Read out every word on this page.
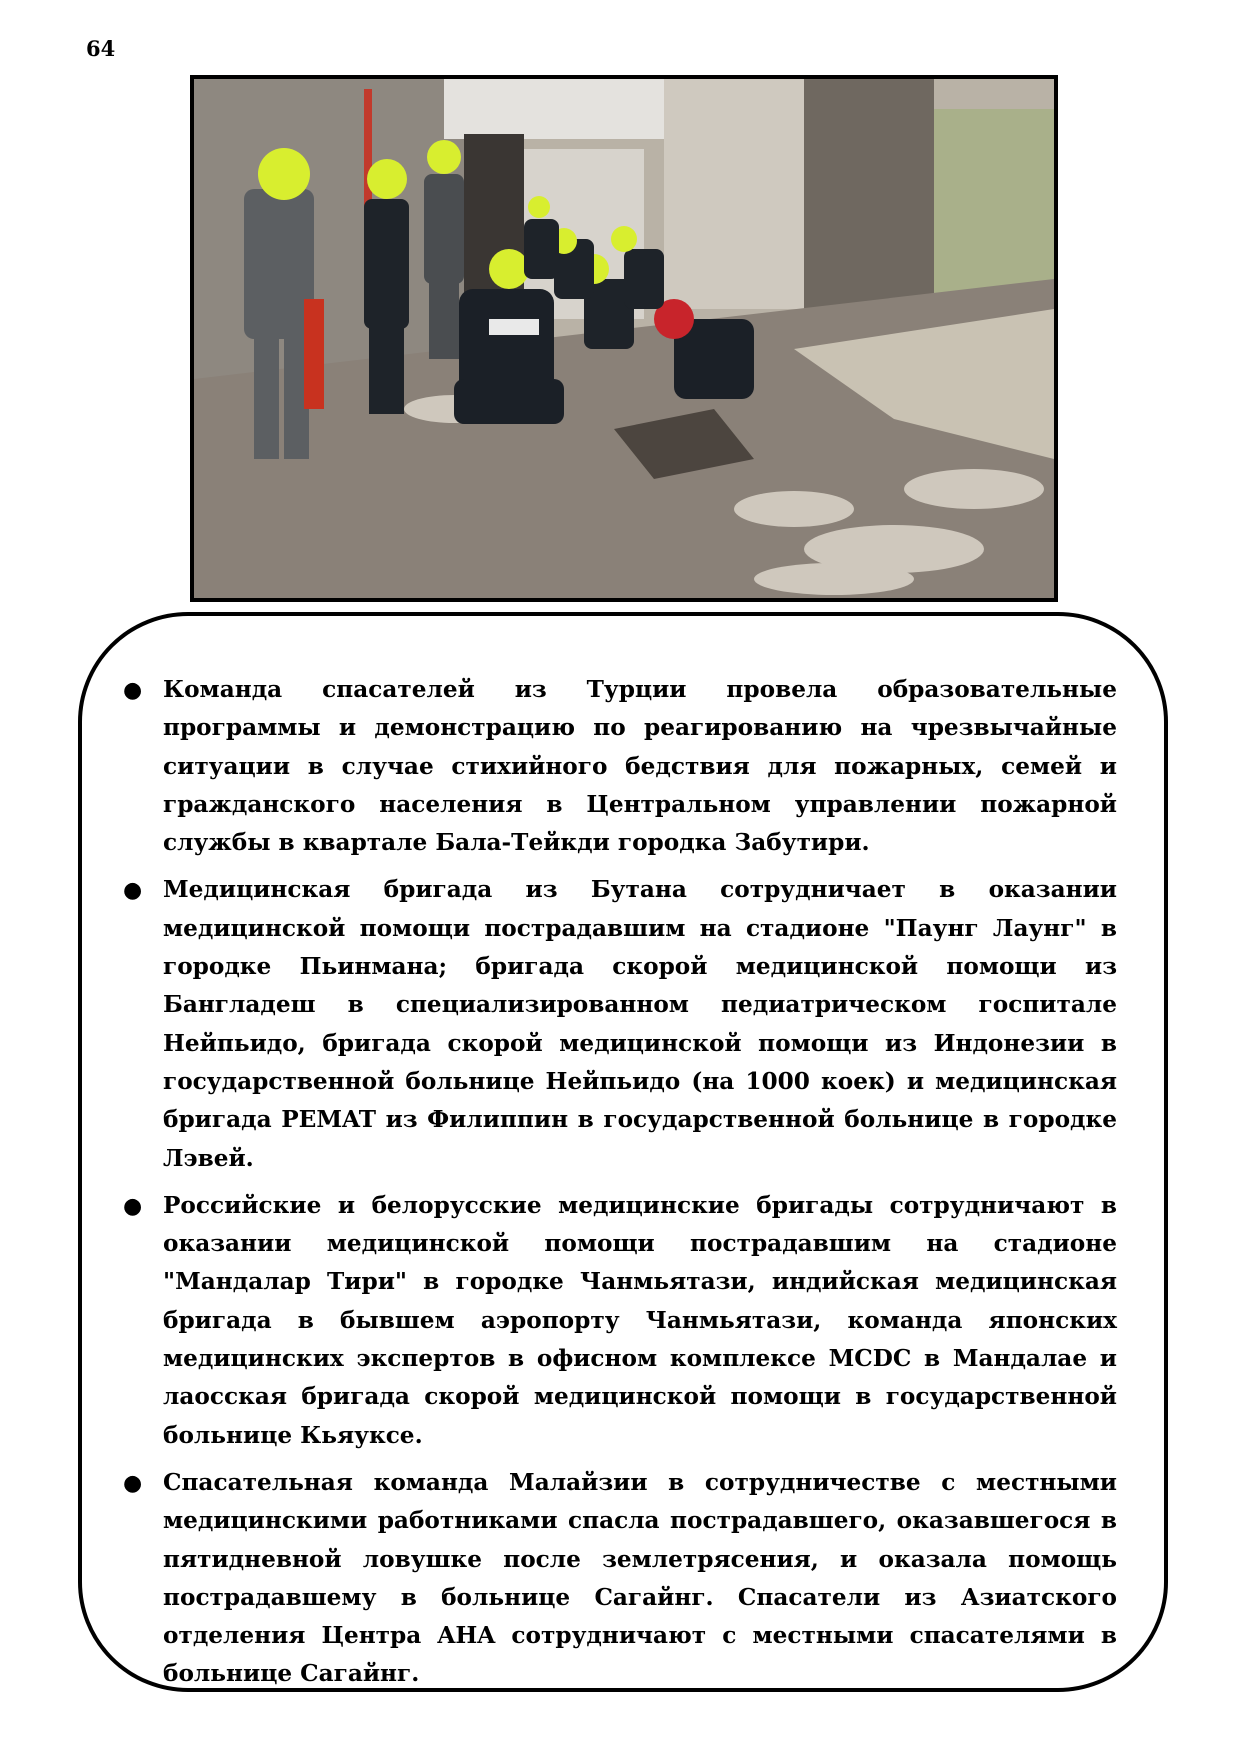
64
● Команда спасателей из Турции провела образовательные программы и демонстрацию по реагированию на чрезвычайные ситуации в случае стихийного бедствия для пожарных, семей и гражданского населения в Центральном управлении пожарной службы в квартале Бала-Тейкди городка Забутири.
● Медицинская бригада из Бутана сотрудничает в оказании медицинской помощи пострадавшим на стадионе "Паунг Лаунг" в городке Пьинмана; бригада скорой медицинской помощи из Бангладеш в специализированном педиатрическом госпитале Нейпьидо, бригада скорой медицинской помощи из Индонезии в государственной больнице Нейпьидо (на 1000 коек) и медицинская бригада PEMAT из Филиппин в государственной больнице в городке Лэвей.
● Российские и белорусские медицинские бригады сотрудничают в оказании медицинской помощи пострадавшим на стадионе "Мандалар Тири" в городке Чанмьятази, индийская медицинская бригада в бывшем аэропорту Чанмьятази, команда японских медицинских экспертов в офисном комплексе MCDC в Мандалае и лаосская бригада скорой медицинской помощи в государственной больнице Кьяуксе.
● Спасательная команда Малайзии в сотрудничестве с местными медицинскими работниками спасла пострадавшего, оказавшегося в пятидневной ловушке после землетрясения, и оказала помощь пострадавшему в больнице Сагайнг. Спасатели из Азиатского отделения Центра AHA сотрудничают с местными спасателями в больнице Сагайнг.
